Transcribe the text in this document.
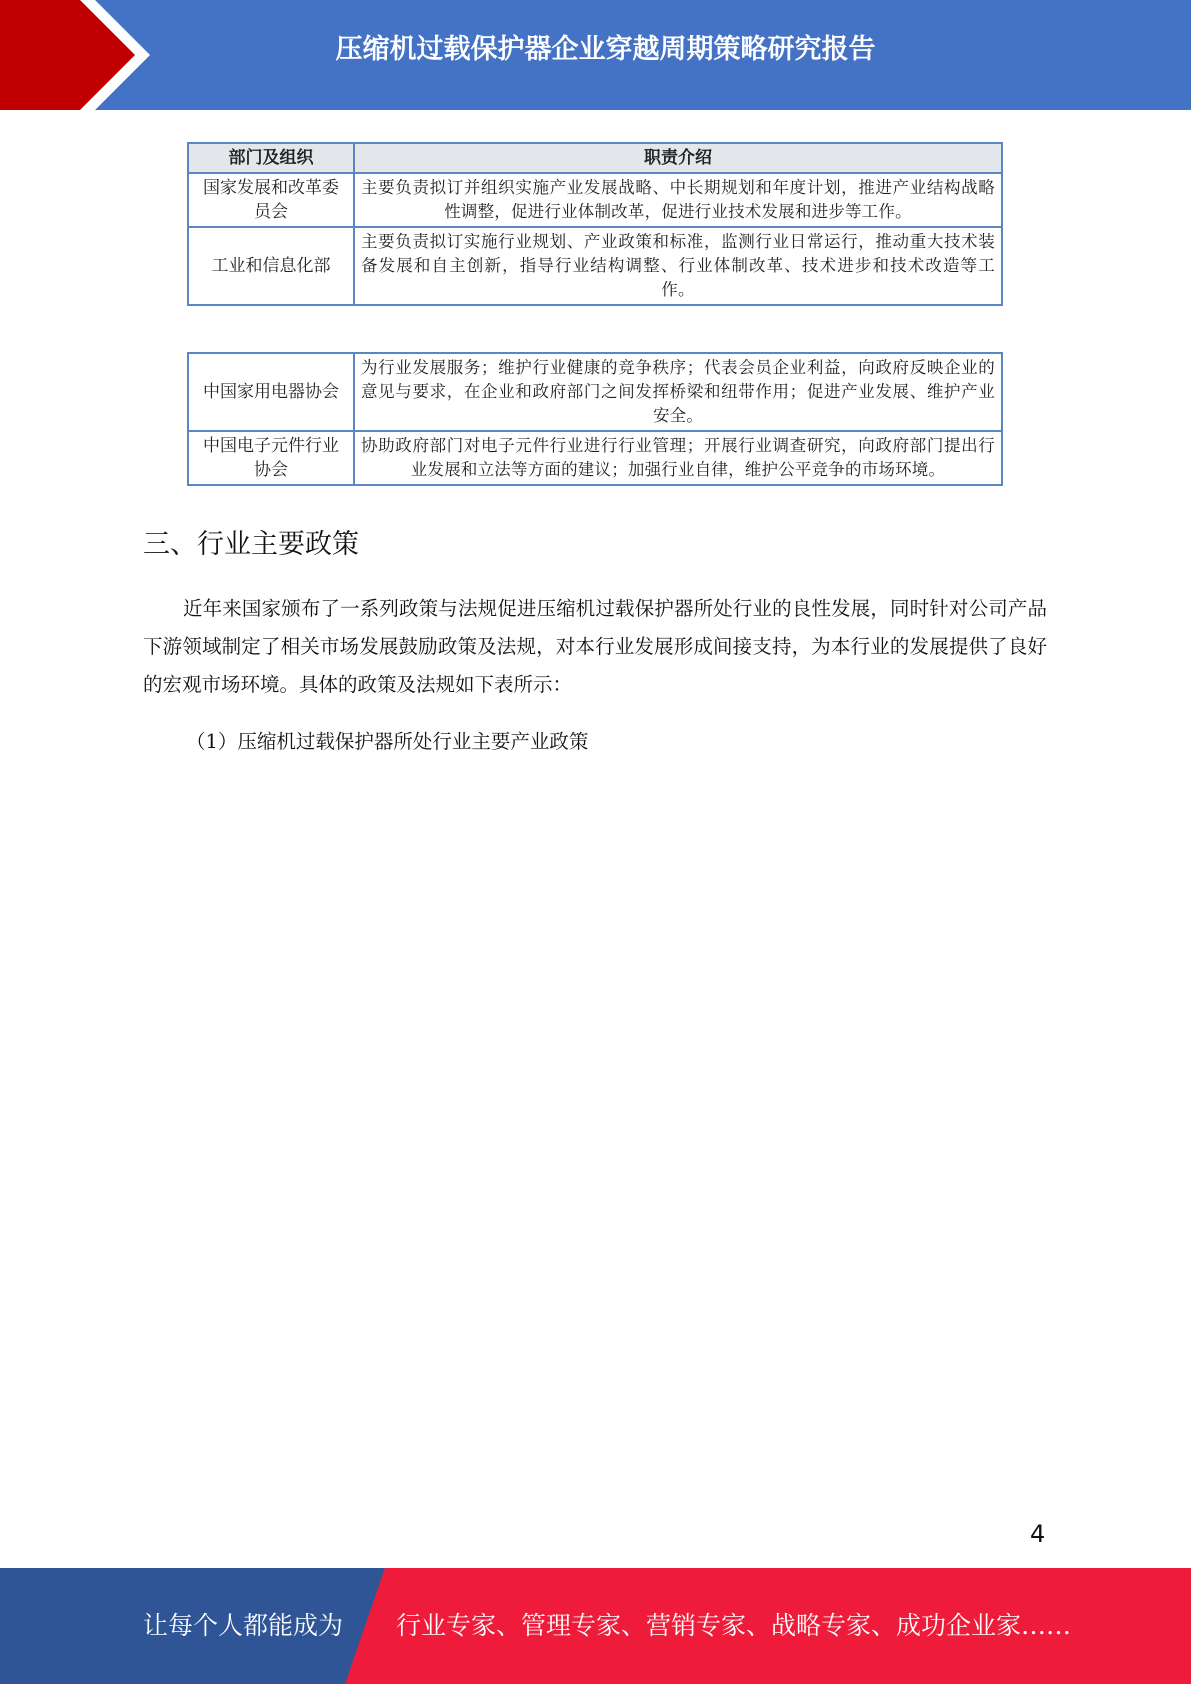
压缩机过载保护器企业穿越周期策略研究报告
部门及组织	职责介绍
国家发展和改革委员会	主要负责拟订并组织实施产业发展战略、中长期规划和年度计划，推进产业结构战略性调整，促进行业体制改革，促进行业技术发展和进步等工作。
工业和信息化部	主要负责拟订实施行业规划、产业政策和标准，监测行业日常运行，推动重大技术装备发展和自主创新，指导行业结构调整、行业体制改革、技术进步和技术改造等工作。
中国家用电器协会	为行业发展服务；维护行业健康的竞争秩序；代表会员企业利益，向政府反映企业的意见与要求，在企业和政府部门之间发挥桥梁和纽带作用；促进产业发展、维护产业安全。
中国电子元件行业协会	协助政府部门对电子元件行业进行行业管理；开展行业调查研究，向政府部门提出行业发展和立法等方面的建议；加强行业自律，维护公平竞争的市场环境。
三、行业主要政策
近年来国家颁布了一系列政策与法规促进压缩机过载保护器所处行业的良性发展，同时针对公司产品下游领域制定了相关市场发展鼓励政策及法规，对本行业发展形成间接支持，为本行业的发展提供了良好的宏观市场环境。具体的政策及法规如下表所示：
（1）压缩机过载保护器所处行业主要产业政策
4
让每个人都能成为 行业专家、管理专家、营销专家、战略专家、成功企业家……
